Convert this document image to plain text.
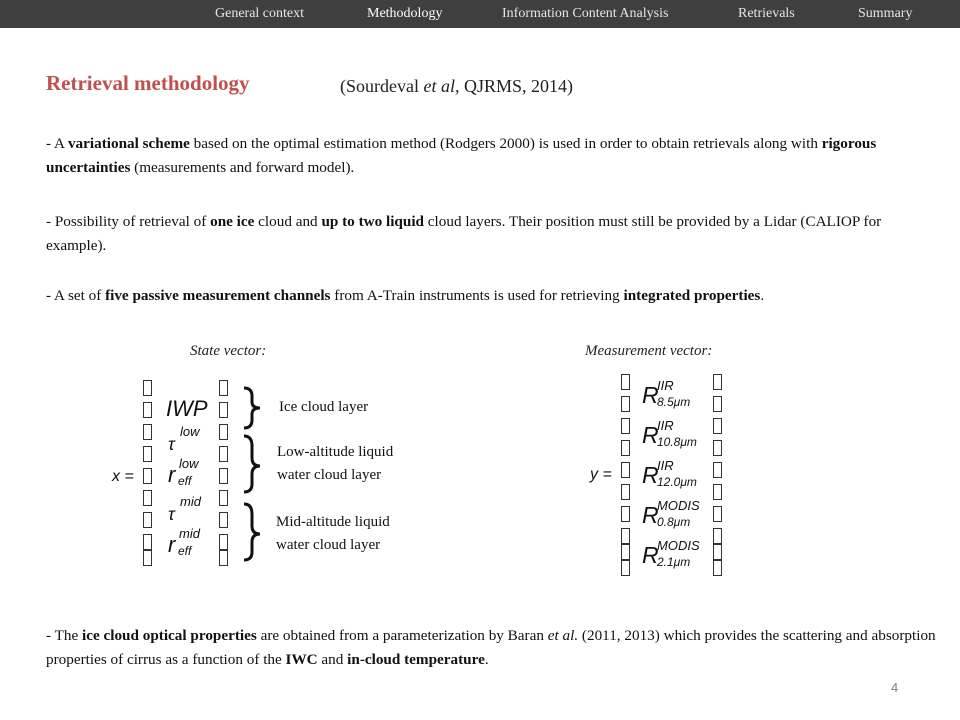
General context	Methodology	Information Content Analysis	Retrievals	Summary
Retrieval methodology	(Sourdeval et al, QJRMS, 2014)
- A variational scheme based on the optimal estimation method (Rodgers 2000) is used in order to obtain retrievals along with rigorous uncertainties (measurements and forward model).
- Possibility of retrieval of one ice cloud and up to two liquid cloud layers. Their position must still be provided by a Lidar (CALIOP for example).
- A set of five passive measurement channels from A-Train instruments is used for retrieving integrated properties.
State vector:	Measurement vector:
x =
IWP
τ
low
r low
eff
τ
mid
r mid
eff
Ice cloud layer
Low-altitude liquid
water cloud layer
Mid-altitude liquid
water cloud layer
y =
R
IIR
8.5μm
R
IIR
10.8μm
R
IIR
12.0μm
R
MODIS
0.8μm
R
MODIS
2.1μm
- The ice cloud optical properties are obtained from a parameterization by Baran et al. (2011, 2013) which provides the scattering and absorption properties of cirrus as a function of the IWC and in-cloud temperature.
4
